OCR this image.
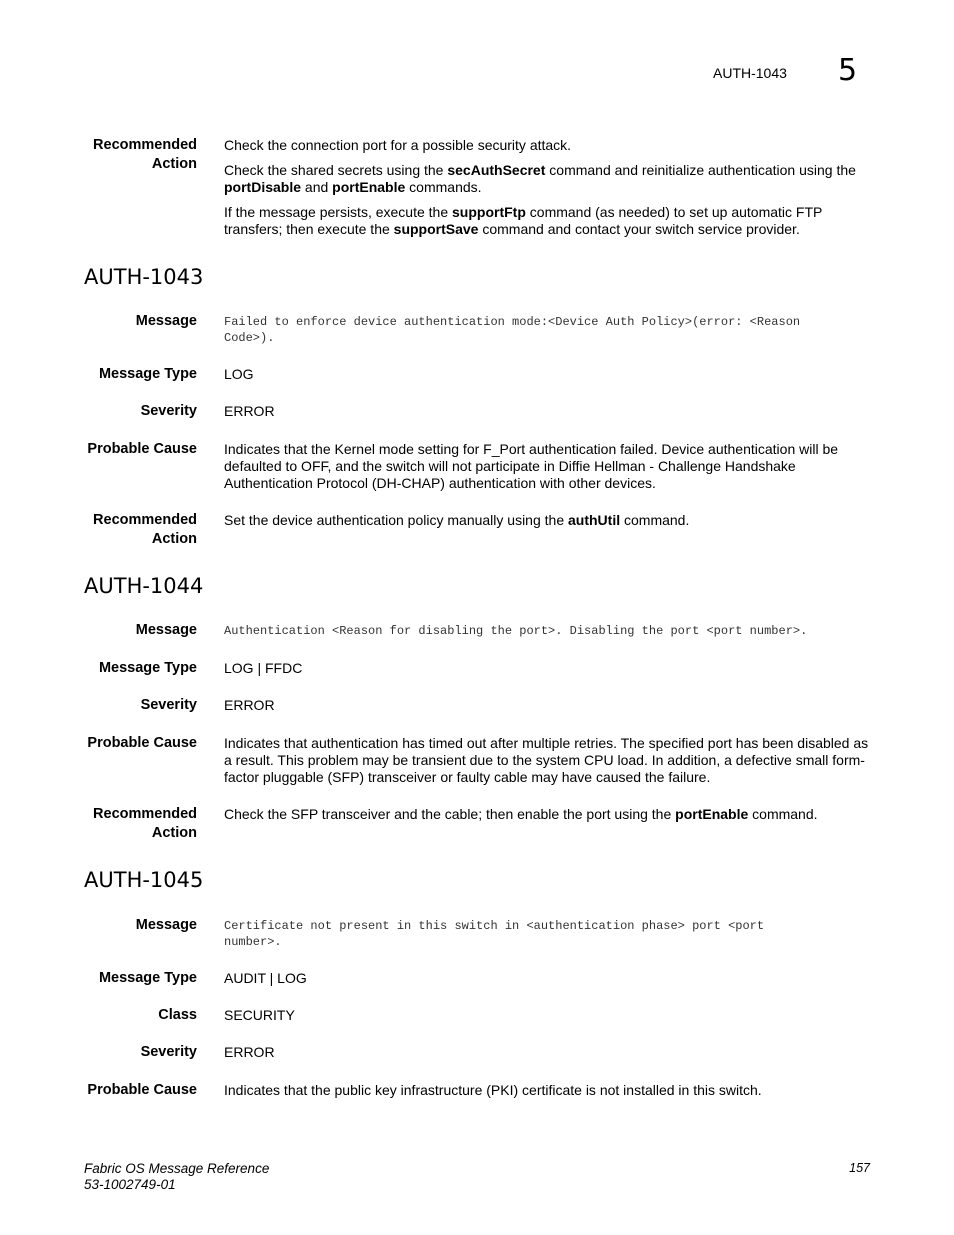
AUTH-1043 5
Recommended
Action
Check the connection port for a possible security attack.
Check the shared secrets using the secAuthSecret command and reinitialize authentication using the portDisable and portEnable commands.
If the message persists, execute the supportFtp command (as needed) to set up automatic FTP transfers; then execute the supportSave command and contact your switch service provider.
AUTH-1043
Message Failed to enforce device authentication mode:<Device Auth Policy>(error: <Reason
Code>).
Message Type LOG
Severity ERROR
Probable Cause Indicates that the Kernel mode setting for F_Port authentication failed. Device authentication will be defaulted to OFF, and the switch will not participate in Diffie Hellman - Challenge Handshake Authentication Protocol (DH-CHAP) authentication with other devices.
Recommended
Action
Set the device authentication policy manually using the authUtil command.
AUTH-1044
Message Authentication <Reason for disabling the port>. Disabling the port <port number>.
Message Type LOG | FFDC
Severity ERROR
Probable Cause Indicates that authentication has timed out after multiple retries. The specified port has been disabled as a result. This problem may be transient due to the system CPU load. In addition, a defective small form-factor pluggable (SFP) transceiver or faulty cable may have caused the failure.
Recommended
Action
Check the SFP transceiver and the cable; then enable the port using the portEnable command.
AUTH-1045
Message Certificate not present in this switch in <authentication phase> port <port
number>.
Message Type AUDIT | LOG
Class SECURITY
Severity ERROR
Probable Cause Indicates that the public key infrastructure (PKI) certificate is not installed in this switch.
Fabric OS Message Reference
53-1002749-01
157
